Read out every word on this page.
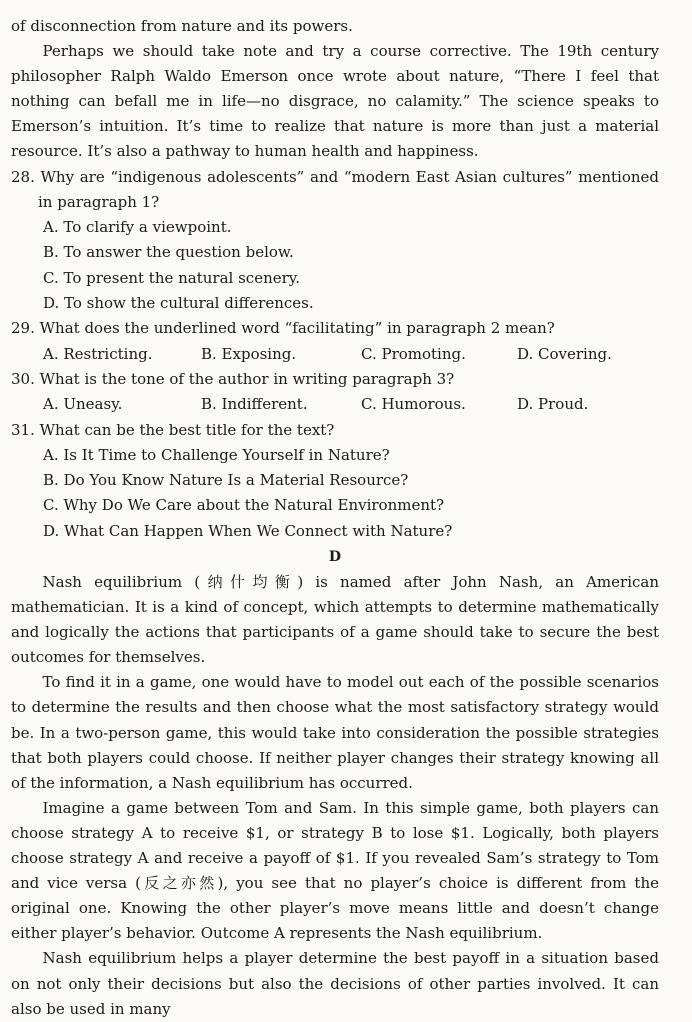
of disconnection from nature and its powers.

Perhaps we should take note and try a course corrective. The 19th century philosopher Ralph Waldo Emerson once wrote about nature, “There I feel that nothing can befall me in life—no disgrace, no calamity.” The science speaks to Emerson’s intuition. It’s time to realize that nature is more than just a material resource. It’s also a pathway to human health and happiness.

28. Why are “indigenous adolescents” and “modern East Asian cultures” mentioned in paragraph 1?

A. To clarify a viewpoint.

B. To answer the question below.

C. To present the natural scenery.

D. To show the cultural differences.

29. What does the underlined word “facilitating” in paragraph 2 mean?

A. Restricting.	B. Exposing.	C. Promoting.	D. Covering.

30. What is the tone of the author in writing paragraph 3?

A. Uneasy.	B. Indifferent.	C. Humorous.	D. Proud.

31. What can be the best title for the text?

A. Is It Time to Challenge Yourself in Nature?

B. Do You Know Nature Is a Material Resource?

C. Why Do We Care about the Natural Environment?

D. What Can Happen When We Connect with Nature?

D

Nash equilibrium (纳什均衡) is named after John Nash, an American mathematician. It is a kind of concept, which attempts to determine mathematically and logically the actions that participants of a game should take to secure the best outcomes for themselves.

To find it in a game, one would have to model out each of the possible scenarios to determine the results and then choose what the most satisfactory strategy would be. In a two-person game, this would take into consideration the possible strategies that both players could choose. If neither player changes their strategy knowing all of the information, a Nash equilibrium has occurred.

Imagine a game between Tom and Sam. In this simple game, both players can choose strategy A to receive $1, or strategy B to lose $1. Logically, both players choose strategy A and receive a payoff of $1. If you revealed Sam’s strategy to Tom and vice versa (反之亦然), you see that no player’s choice is different from the original one. Knowing the other player’s move means little and doesn’t change either player’s behavior. Outcome A represents the Nash equilibrium.

Nash equilibrium helps a player determine the best payoff in a situation based on not only their decisions but also the decisions of other parties involved. It can also be used in many
